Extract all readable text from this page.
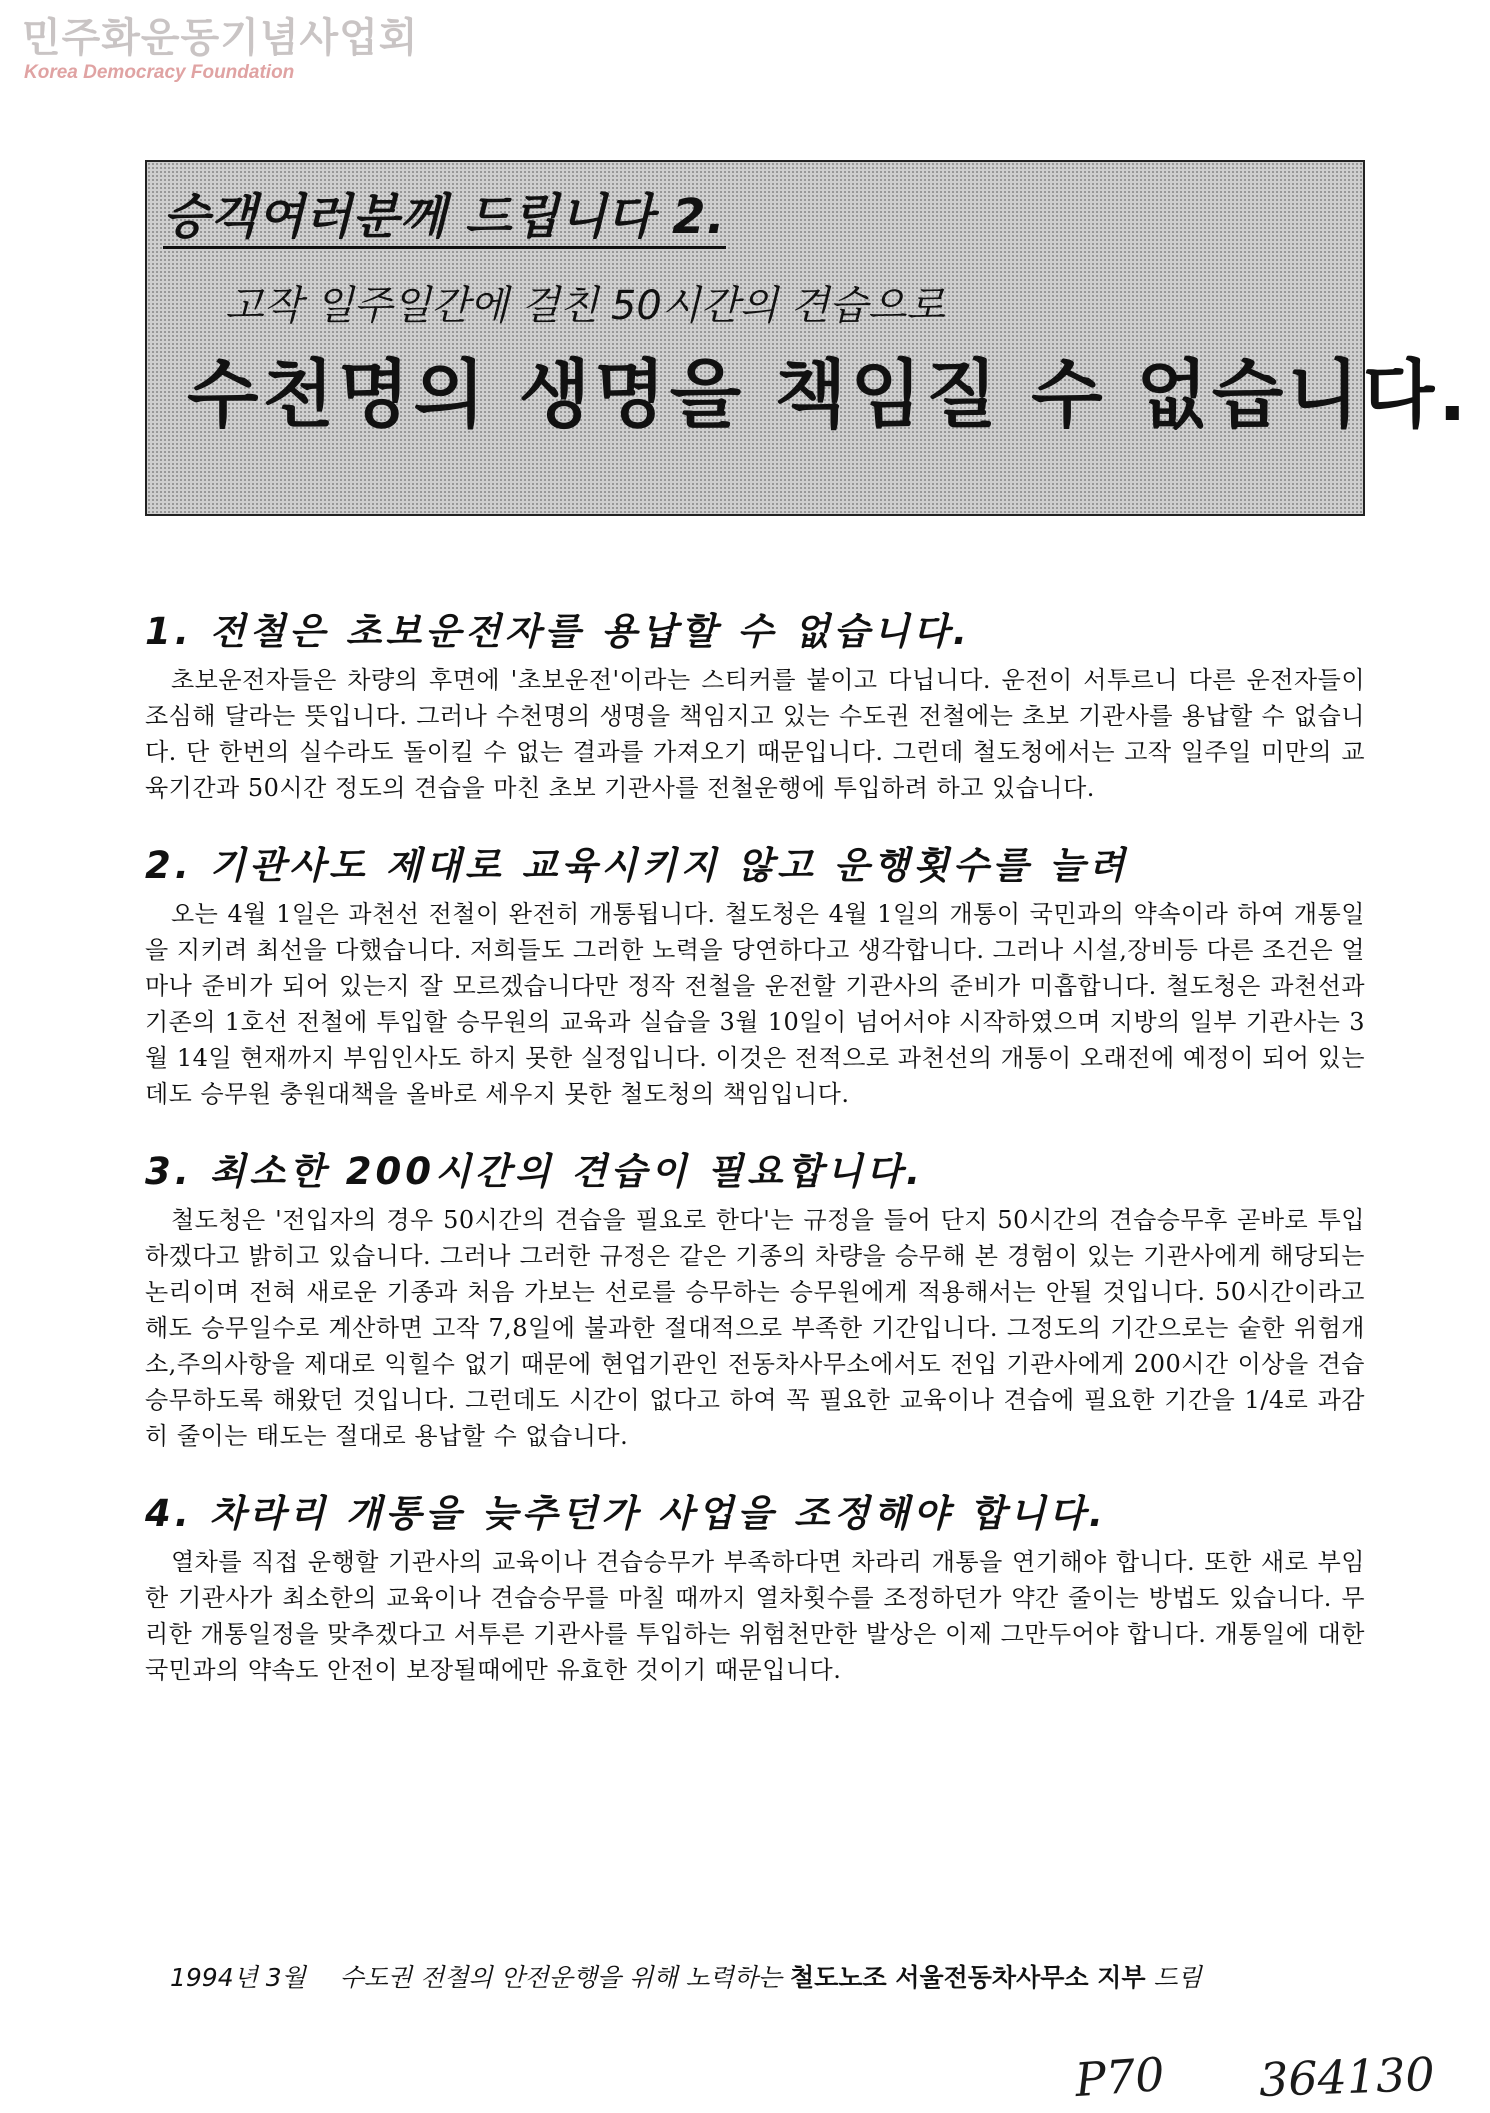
민주화운동기념사업회
Korea Democracy Foundation
승객여러분께 드립니다 2.
고작 일주일간에 걸친 50시간의 견습으로
수천명의 생명을 책임질 수 없습니다.
1. 전철은 초보운전자를 용납할 수 없습니다.

초보운전자들은 차량의 후면에 '초보운전'이라는 스티커를 붙이고 다닙니다. 운전이 서투르니 다른 운전자들이 조심해 달라는 뜻입니다. 그러나 수천명의 생명을 책임지고 있는 수도권 전철에는 초보 기관사를 용납할 수 없습니다. 단 한번의 실수라도 돌이킬 수 없는 결과를 가져오기 때문입니다. 그런데 철도청에서는 고작 일주일 미만의 교육기간과 50시간 정도의 견습을 마친 초보 기관사를 전철운행에 투입하려 하고 있습니다.

2. 기관사도 제대로 교육시키지 않고 운행횟수를 늘려

오는 4월 1일은 과천선 전철이 완전히 개통됩니다. 철도청은 4월 1일의 개통이 국민과의 약속이라 하여 개통일을 지키려 최선을 다했습니다. 저희들도 그러한 노력을 당연하다고 생각합니다. 그러나 시설,장비등 다른 조건은 얼마나 준비가 되어 있는지 잘 모르겠습니다만 정작 전철을 운전할 기관사의 준비가 미흡합니다. 철도청은 과천선과 기존의 1호선 전철에 투입할 승무원의 교육과 실습을 3월 10일이 넘어서야 시작하였으며 지방의 일부 기관사는 3월 14일 현재까지 부임인사도 하지 못한 실정입니다. 이것은 전적으로 과천선의 개통이 오래전에 예정이 되어 있는데도 승무원 충원대책을 올바로 세우지 못한 철도청의 책임입니다.

3. 최소한 200시간의 견습이 필요합니다.

철도청은 '전입자의 경우 50시간의 견습을 필요로 한다'는 규정을 들어 단지 50시간의 견습승무후 곧바로 투입하겠다고 밝히고 있습니다. 그러나 그러한 규정은 같은 기종의 차량을 승무해 본 경험이 있는 기관사에게 해당되는 논리이며 전혀 새로운 기종과 처음 가보는 선로를 승무하는 승무원에게 적용해서는 안될 것입니다. 50시간이라고 해도 승무일수로 계산하면 고작 7,8일에 불과한 절대적으로 부족한 기간입니다. 그정도의 기간으로는 숱한 위험개소,주의사항을 제대로 익힐수 없기 때문에 현업기관인 전동차사무소에서도 전입 기관사에게 200시간 이상을 견습승무하도록 해왔던 것입니다. 그런데도 시간이 없다고 하여 꼭 필요한 교육이나 견습에 필요한 기간을 1/4로 과감히 줄이는 태도는 절대로 용납할 수 없습니다.

4. 차라리 개통을 늦추던가 사업을 조정해야 합니다.

열차를 직접 운행할 기관사의 교육이나 견습승무가 부족하다면 차라리 개통을 연기해야 합니다. 또한 새로 부임한 기관사가 최소한의 교육이나 견습승무를 마칠 때까지 열차횟수를 조정하던가 약간 줄이는 방법도 있습니다. 무리한 개통일정을 맞추겠다고 서투른 기관사를 투입하는 위험천만한 발상은 이제 그만두어야 합니다. 개통일에 대한 국민과의 약속도 안전이 보장될때에만 유효한 것이기 때문입니다.

1994년 3월 수도권 전철의 안전운행을 위해 노력하는 철도노조 서울전동차사무소 지부 드림
P70 364130
